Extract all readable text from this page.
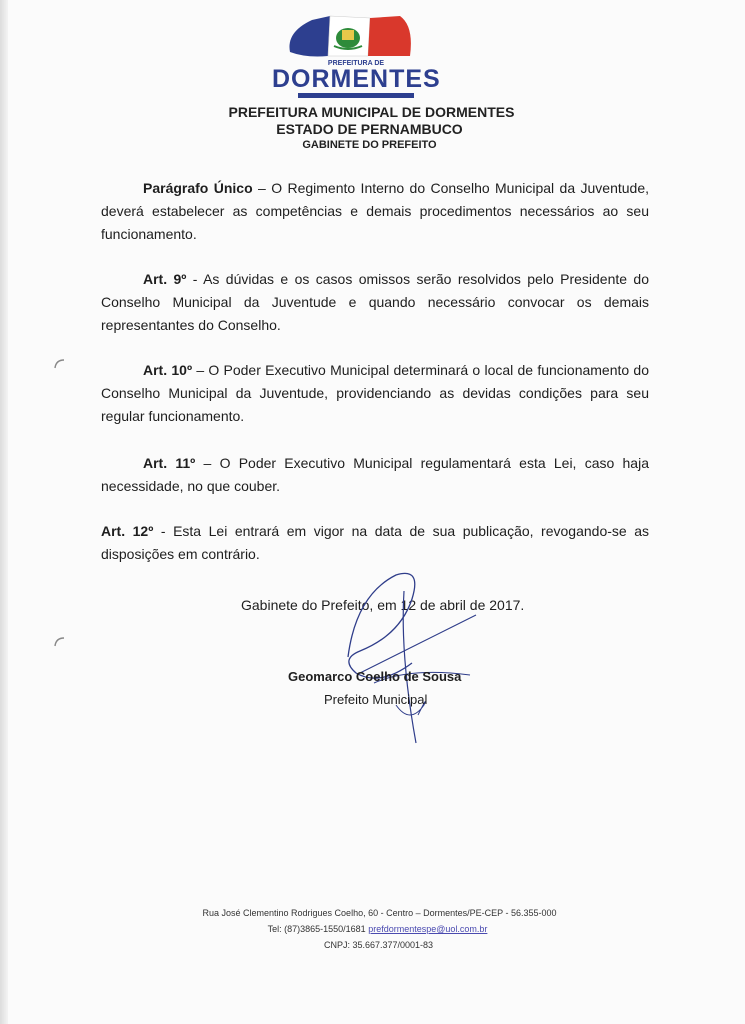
PREFEITURA DE
DORMENTES
PREFEITURA MUNICIPAL DE DORMENTES
ESTADO DE PERNAMBUCO
GABINETE DO PREFEITO
Parágrafo Único – O Regimento Interno do Conselho Municipal da Juventude, deverá estabelecer as competências e demais procedimentos necessários ao seu funcionamento.
Art. 9º - As dúvidas e os casos omissos serão resolvidos pelo Presidente do Conselho Municipal da Juventude e quando necessário convocar os demais representantes do Conselho.
Art. 10º – O Poder Executivo Municipal determinará o local de funcionamento do Conselho Municipal da Juventude, providenciando as devidas condições para seu regular funcionamento.
Art. 11º – O Poder Executivo Municipal regulamentará esta Lei, caso haja necessidade, no que couber.
Art. 12º - Esta Lei entrará em vigor na data de sua publicação, revogando-se as disposições em contrário.
Gabinete do Prefeito, em 12 de abril de 2017.
Geomarco Coelho de Sousa
Prefeito Municipal
Rua José Clementino Rodrigues Coelho, 60 - Centro – Dormentes/PE-CEP - 56.355-000
Tel: (87)3865-1550/1681 prefdormentespe@uol.com.br
CNPJ: 35.667.377/0001-83
